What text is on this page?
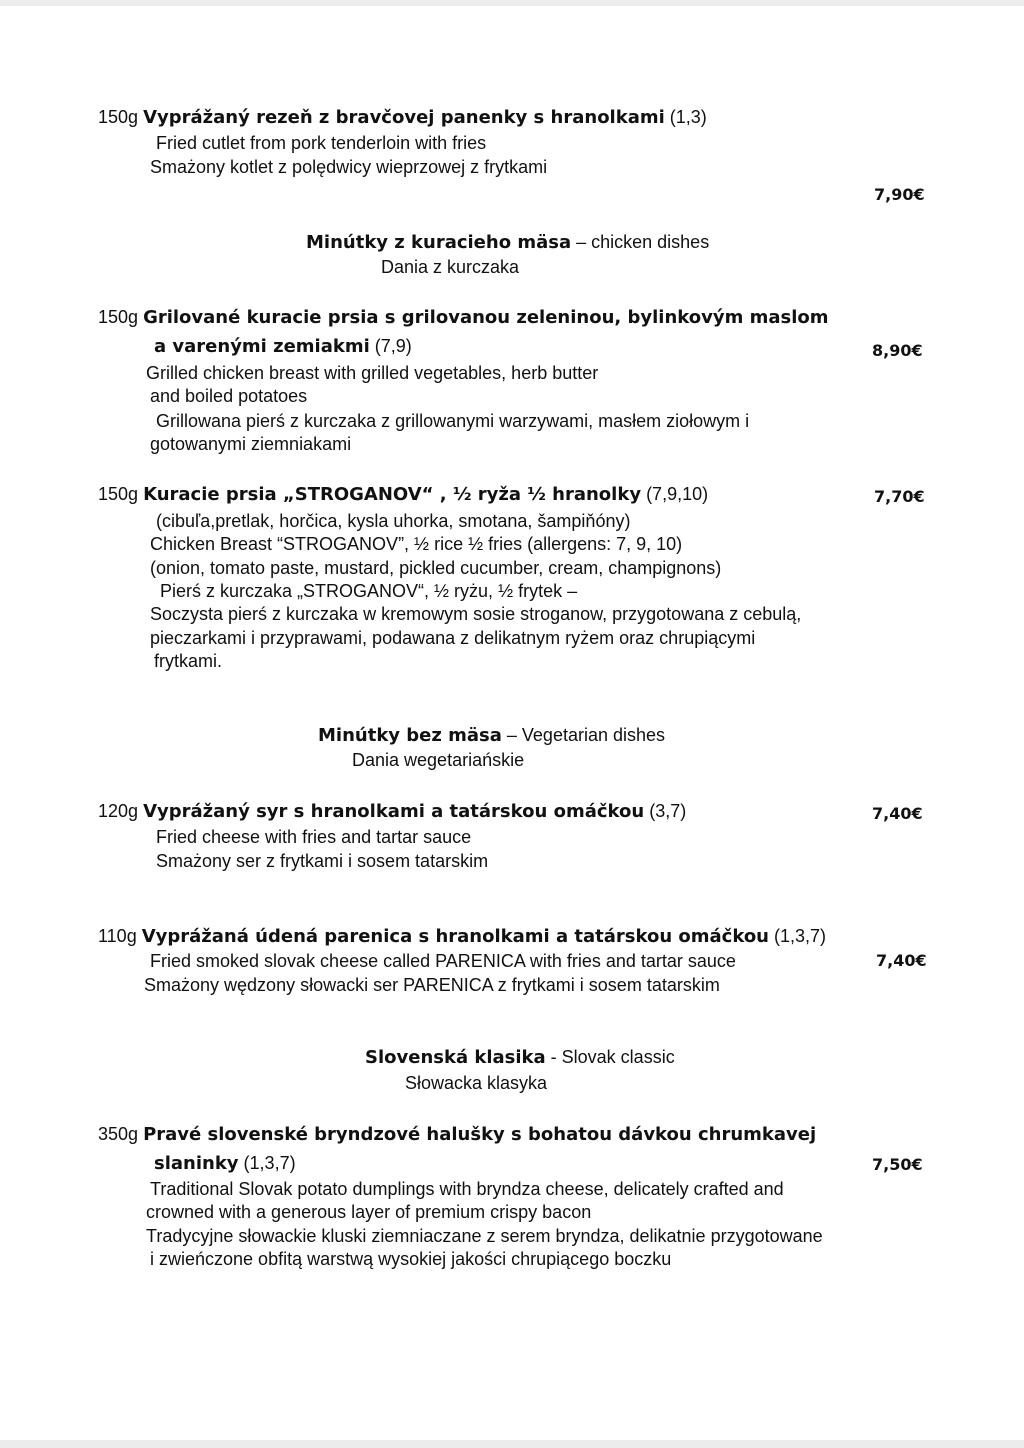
150g Vyprážaný rezeň z bravčovej panenky s hranolkami (1,3)
Fried cutlet from pork tenderloin with fries
Smażony kotlet z polędwicy wieprzowej z frytkami
7,90€
Minútky z kuracieho mäsa – chicken dishes
Dania z kurczaka
150g Grilované kuracie prsia s grilovanou zeleninou, bylinkovým maslom
a varenými zemiakmi (7,9)	8,90€
Grilled chicken breast with grilled vegetables, herb butter
and boiled potatoes
Grillowana pierś z kurczaka z grillowanymi warzywami, masłem ziołowym i
gotowanymi ziemniakami
150g Kuracie prsia „STROGANOV“ , ½ ryža ½ hranolky (7,9,10)	7,70€
(cibuľa,pretlak, horčica, kysla uhorka, smotana, šampiňóny)
Chicken Breast “STROGANOV”, ½ rice ½ fries (allergens: 7, 9, 10)
(onion, tomato paste, mustard, pickled cucumber, cream, champignons)
Pierś z kurczaka „STROGANOV“, ½ ryżu, ½ frytek –
Soczysta pierś z kurczaka w kremowym sosie stroganow, przygotowana z cebulą,
pieczarkami i przyprawami, podawana z delikatnym ryżem oraz chrupiącymi
frytkami.
Minútky bez mäsa – Vegetarian dishes
Dania wegetariańskie
120g Vyprážaný syr s hranolkami a tatárskou omáčkou (3,7)	7,40€
Fried cheese with fries and tartar sauce
Smażony ser z frytkami i sosem tatarskim
110g Vyprážaná údená parenica s hranolkami a tatárskou omáčkou (1,3,7)
Fried smoked slovak cheese called PARENICA with fries and tartar sauce	7,40€
Smażony wędzony słowacki ser PARENICA z frytkami i sosem tatarskim
Slovenská klasika - Slovak classic
Słowacka klasyka
350g Pravé slovenské bryndzové halušky s bohatou dávkou chrumkavej
slaninky (1,3,7)	7,50€
Traditional Slovak potato dumplings with bryndza cheese, delicately crafted and
crowned with a generous layer of premium crispy bacon
Tradycyjne słowackie kluski ziemniaczane z serem bryndza, delikatnie przygotowane
i zwieńczone obfitą warstwą wysokiej jakości chrupiącego boczku
